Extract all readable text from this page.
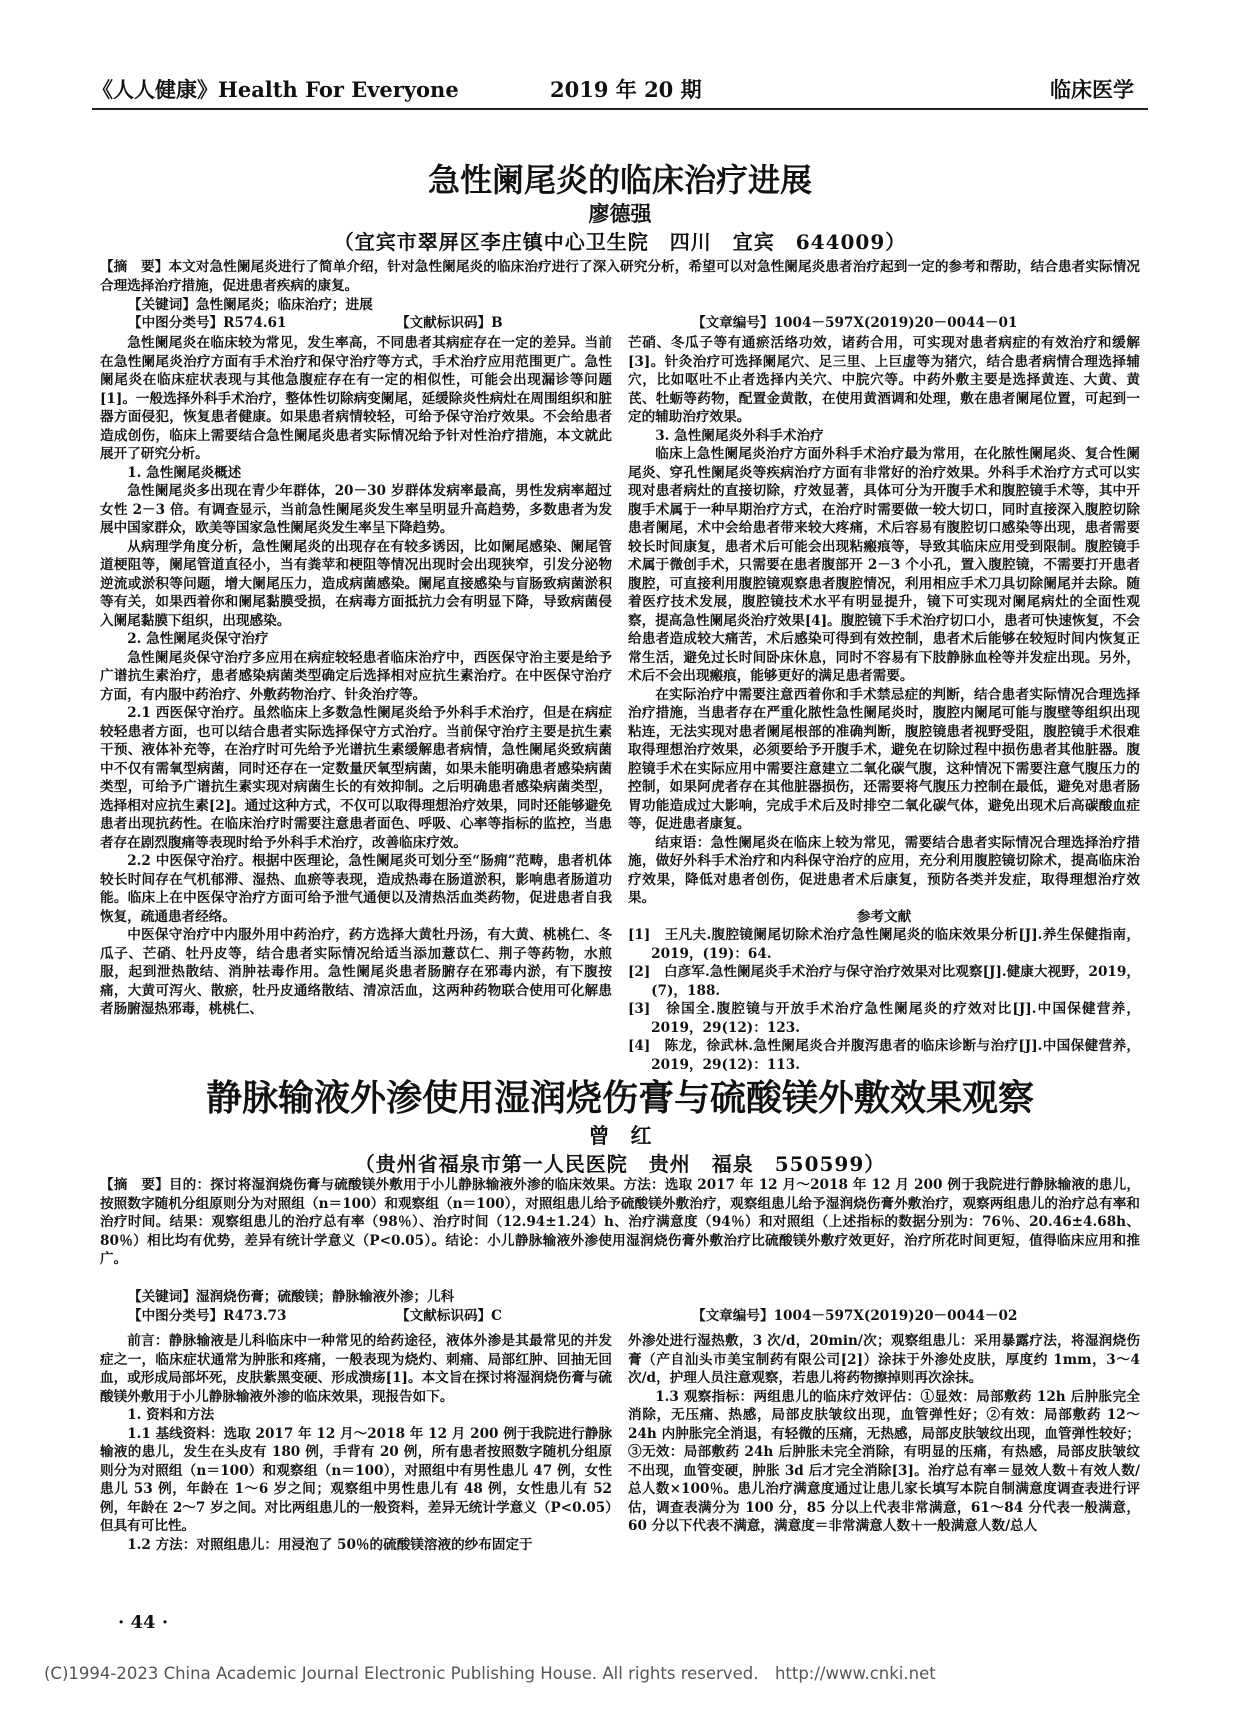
《人人健康》Health For Everyone	2019 年 20 期	临床医学
急性阑尾炎的临床治疗进展
廖德强
（宜宾市翠屏区李庄镇中心卫生院　四川　宜宾　644009）
【摘　要】本文对急性阑尾炎进行了简单介绍，针对急性阑尾炎的临床治疗进行了深入研究分析，希望可以对急性阑尾炎患者治疗起到一定的参考和帮助，结合患者实际情况合理选择治疗措施，促进患者疾病的康复。
【关键词】急性阑尾炎；临床治疗；进展
【中图分类号】R574.61	【文献标识码】B	【文章编号】1004－597X(2019)20－0044－01

急性阑尾炎在临床较为常见，发生率高，不同患者其病症存在一定的差异。当前在急性阑尾炎治疗方面有手术治疗和保守治疗等方式，手术治疗应用范围更广。急性阑尾炎在临床症状表现与其他急腹症存在有一定的相似性，可能会出现漏诊等问题[1]。一般选择外科手术治疗，整体性切除病变阑尾，延缓除炎性病灶在周围组织和脏器方面侵犯，恢复患者健康。如果患者病情较轻，可给予保守治疗效果。不会给患者造成创伤，临床上需要结合急性阑尾炎患者实际情况给予针对性治疗措施，本文就此展开了研究分析。

1. 急性阑尾炎概述

急性阑尾炎多出现在青少年群体，20－30 岁群体发病率最高，男性发病率超过女性 2－3 倍。有调查显示，当前急性阑尾炎发生率呈明显升高趋势，多数患者为发展中国家群众，欧美等国家急性阑尾炎发生率呈下降趋势。

从病理学角度分析，急性阑尾炎的出现存在有较多诱因，比如阑尾感染、阑尾管道梗阻等，阑尾管道直径小，当有粪苹和梗阻等情况出现时会出现狭窄，引发分泌物逆流或淤积等问题，增大阑尾压力，造成病菌感染。阑尾直接感染与盲肠致病菌淤积等有关，如果西着你和阑尾黏膜受损，在病毒方面抵抗力会有明显下降，导致病菌侵入阑尾黏膜下组织，出现感染。

2. 急性阑尾炎保守治疗

急性阑尾炎保守治疗多应用在病症较轻患者临床治疗中，西医保守治主要是给予广谱抗生素治疗，患者感染病菌类型确定后选择相对应抗生素治疗。在中医保守治疗方面，有内服中药治疗、外敷药物治疗、针灸治疗等。

2.1 西医保守治疗。虽然临床上多数急性阑尾炎给予外科手术治疗，但是在病症较轻患者方面，也可以结合患者实际选择保守方式治疗。当前保守治疗主要是抗生素干预、液体补充等，在治疗时可先给予光谱抗生素缓解患者病情，急性阑尾炎致病菌中不仅有需氧型病菌，同时还存在一定数量厌氧型病菌，如果未能明确患者感染病菌类型，可给予广谱抗生素实现对病菌生长的有效抑制。之后明确患者感染病菌类型，选择相对应抗生素[2]。通过这种方式，不仅可以取得理想治疗效果，同时还能够避免患者出现抗药性。在临床治疗时需要注意患者面色、呼吸、心率等指标的监控，当患者存在剧烈腹痛等表现时给予外科手术治疗，改善临床疗效。

2.2 中医保守治疗。根据中医理论，急性阑尾炎可划分至“肠痈”范畴，患者机体较长时间存在气机郁滞、湿热、血瘀等表现，造成热毒在肠道淤积，影响患者肠道功能。临床上在中医保守治疗方面可给予泄气通便以及清热活血类药物，促进患者自我恢复，疏通患者经络。

中医保守治疗中内服外用中药治疗，药方选择大黄牡丹汤，有大黄、桃桃仁、冬瓜子、芒硝、牡丹皮等，结合患者实际情况给适当添加薏苡仁、荆子等药物，水煎服，起到泄热散结、消肿祛毒作用。急性阑尾炎患者肠腑存在邪毒内淤，有下腹按痛，大黄可泻火、散瘀，牡丹皮通络散结、清凉活血，这两种药物联合使用可化解患者肠腑湿热邪毒，桃桃仁、

芒硝、冬瓜子等有通瘀活络功效，诸药合用，可实现对患者病症的有效治疗和缓解[3]。针灸治疗可选择阑尾穴、足三里、上巨虚等为猪穴，结合患者病情合理选择辅穴，比如呕吐不止者选择内关穴、中脘穴等。中药外敷主要是选择黄连、大黄、黄芪、牡蛎等药物，配置金黄散，在使用黄酒调和处理，敷在患者阑尾位置，可起到一定的辅助治疗效果。

3. 急性阑尾炎外科手术治疗

临床上急性阑尾炎治疗方面外科手术治疗最为常用，在化脓性阑尾炎、复合性阑尾炎、穿孔性阑尾炎等疾病治疗方面有非常好的治疗效果。外科手术治疗方式可以实现对患者病灶的直接切除，疗效显著，具体可分为开腹手术和腹腔镜手术等，其中开腹手术属于一种早期治疗方式，在治疗时需要做一较大切口，同时直接深入腹腔切除患者阑尾，术中会给患者带来较大疼痛，术后容易有腹腔切口感染等出现，患者需要较长时间康复，患者术后可能会出现粘瘢痕等，导致其临床应用受到限制。腹腔镜手术属于微创手术，只需要在患者腹部开 2－3 个小孔，置入腹腔镜，不需要打开患者腹腔，可直接利用腹腔镜观察患者腹腔情况，利用相应手术刀具切除阑尾并去除。随着医疗技术发展，腹腔镜技术水平有明显提升，镜下可实现对阑尾病灶的全面性观察，提高急性阑尾炎治疗效果[4]。腹腔镜下手术治疗切口小，患者可快速恢复，不会给患者造成较大痛苦，术后感染可得到有效控制，患者术后能够在较短时间内恢复正常生活，避免过长时间卧床休息，同时不容易有下肢静脉血栓等并发症出现。另外，术后不会出现瘢痕，能够更好的满足患者需要。

在实际治疗中需要注意西着你和手术禁忌症的判断，结合患者实际情况合理选择治疗措施，当患者存在严重化脓性急性阑尾炎时，腹腔内阑尾可能与腹壁等组织出现粘连，无法实现对患者阑尾根部的准确判断，腹腔镜患者视野受阻，腹腔镜手术很难取得理想治疗效果，必须要给予开腹手术，避免在切除过程中损伤患者其他脏器。腹腔镜手术在实际应用中需要注意建立二氧化碳气腹，这种情况下需要注意气腹压力的控制，如果阿虎者存在其他脏器损伤，还需要将气腹压力控制在最低，避免对患者肠胃功能造成过大影响，完成手术后及时排空二氧化碳气体，避免出现术后高碳酸血症等，促进患者康复。

结束语：急性阑尾炎在临床上较为常见，需要结合患者实际情况合理选择治疗措施，做好外科手术治疗和内科保守治疗的应用，充分利用腹腔镜切除术，提高临床治疗效果，降低对患者创伤，促进患者术后康复，预防各类并发症，取得理想治疗效果。

参考文献

[1]　王凡夫.腹腔镜阑尾切除术治疗急性阑尾炎的临床效果分析[J].养生保健指南，2019，(19)：64.

[2]　白彦军.急性阑尾炎手术治疗与保守治疗效果对比观察[J].健康大视野，2019，(7)，188.

[3]　徐国全.腹腔镜与开放手术治疗急性阑尾炎的疗效对比[J].中国保健营养，2019，29(12)：123.

[4]　陈龙，徐武林.急性阑尾炎合并腹泻患者的临床诊断与治疗[J].中国保健营养，2019，29(12)：113.

静脉输液外渗使用湿润烧伤膏与硫酸镁外敷效果观察
曾　红
（贵州省福泉市第一人民医院　贵州　福泉　550599）
【摘　要】目的：探讨将湿润烧伤膏与硫酸镁外敷用于小儿静脉输液外渗的临床效果。方法：选取 2017 年 12 月～2018 年 12 月 200 例于我院进行静脉输液的患儿，按照数字随机分组原则分为对照组（n＝100）和观察组（n＝100），对照组患儿给予硫酸镁外敷治疗，观察组患儿给予湿润烧伤膏外敷治疗，观察两组患儿的治疗总有率和治疗时间。结果：观察组患儿的治疗总有率（98％）、治疗时间（12.94±1.24）h、治疗满意度（94％）和对照组（上述指标的数据分别为：76％、20.46±4.68h、80％）相比均有优势，差异有统计学意义（P<0.05）。结论：小儿静脉输液外渗使用湿润烧伤膏外敷治疗比硫酸镁外敷疗效更好，治疗所花时间更短，值得临床应用和推广。
【关键词】湿润烧伤膏；硫酸镁；静脉输液外渗；儿科
【中图分类号】R473.73	【文献标识码】C	【文章编号】1004－597X(2019)20－0044－02

前言：静脉输液是儿科临床中一种常见的给药途径，液体外渗是其最常见的并发症之一，临床症状通常为肿胀和疼痛，一般表现为烧灼、刺痛、局部红肿、回抽无回血，或形成局部坏死，皮肤紫黑变硬、形成溃疡[1]。本文旨在探讨将湿润烧伤膏与硫酸镁外敷用于小儿静脉输液外渗的临床效果，现报告如下。

1. 资料和方法

1.1 基线资料：选取 2017 年 12 月～2018 年 12 月 200 例于我院进行静脉输液的患儿，发生在头皮有 180 例，手背有 20 例，所有患者按照数字随机分组原则分为对照组（n＝100）和观察组（n＝100），对照组中有男性患儿 47 例，女性患儿 53 例，年龄在 1～6 岁之间；观察组中男性患儿有 48 例，女性患儿有 52 例，年龄在 2～7 岁之间。对比两组患儿的一般资料，差异无统计学意义（P<0.05）但具有可比性。

1.2 方法：对照组患儿：用浸泡了 50％的硫酸镁溶液的纱布固定于

外渗处进行湿热敷，3 次/d，20min/次；观察组患儿：采用暴露疗法，将湿润烧伤膏（产自汕头市美宝制药有限公司[2]）涂抹于外渗处皮肤，厚度约 1mm，3～4 次/d，护理人员注意观察，若患儿将药物擦掉则再次涂抹。

1.3 观察指标：两组患儿的临床疗效评估：①显效：局部敷药 12h 后肿胀完全消除，无压痛、热感，局部皮肤皱纹出现，血管弹性好；②有效：局部敷药 12～24h 内肿胀完全消退，有轻微的压痛，无热感，局部皮肤皱纹出现，血管弹性较好；③无效：局部敷药 24h 后肿胀未完全消除，有明显的压痛，有热感，局部皮肤皱纹不出现，血管变硬，肿胀 3d 后才完全消除[3]。治疗总有率＝显效人数＋有效人数/总人数×100％。患儿治疗满意度通过让患儿家长填写本院自制满意度调查表进行评估，调查表满分为 100 分，85 分以上代表非常满意，61～84 分代表一般满意，60 分以下代表不满意，满意度＝非常满意人数＋一般满意人数/总人

· 44 ·
(C)1994-2023 China Academic Journal Electronic Publishing House. All rights reserved.　http://www.cnki.net
